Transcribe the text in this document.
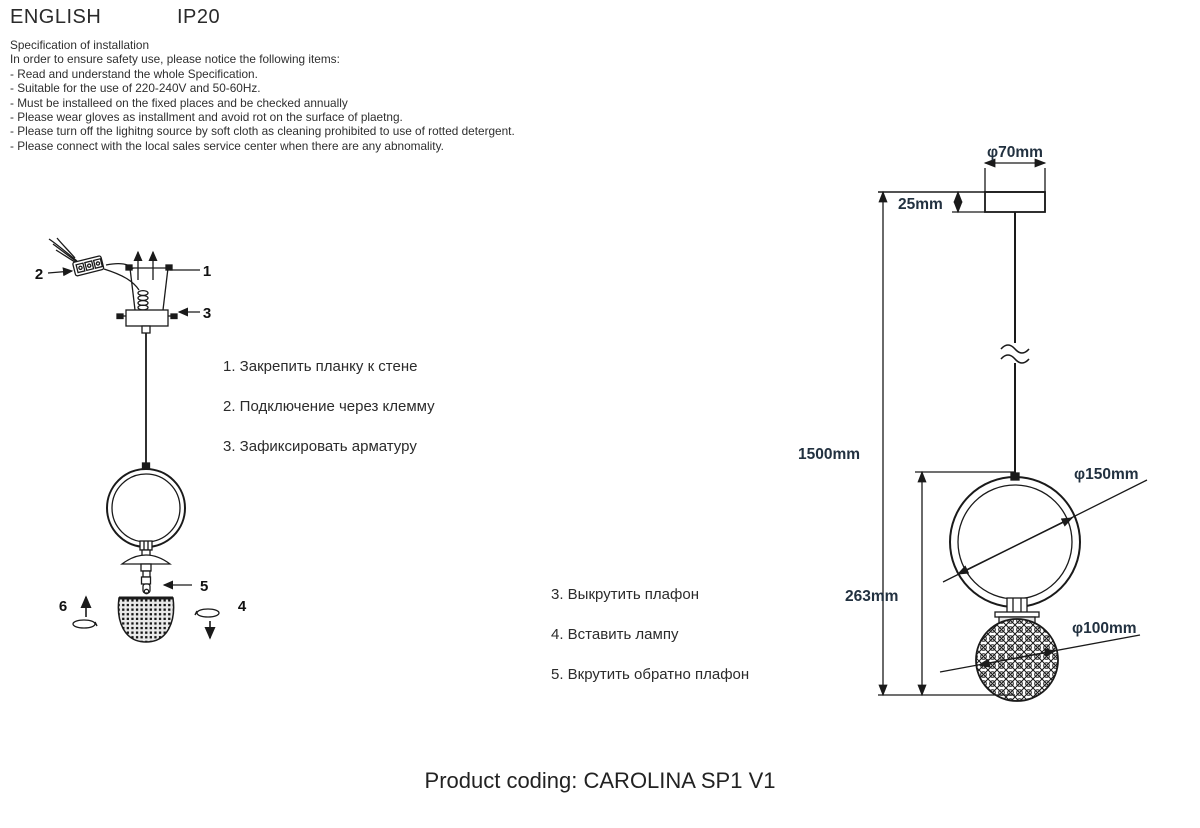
ENGLISH	IP20
Specification of installation
In order to ensure safety use, please notice the following items:
- Read and understand the whole Specification.
- Suitable for the use of 220-240V and 50-60Hz.
- Must be installeed on the fixed places and be checked annually
- Please wear gloves as installment and avoid rot on the surface of plaetng.
- Please turn off the lighitng source by soft cloth as cleaning prohibited to use of rotted detergent.
- Please connect with the local sales service center when there are any abnomality.
2	1
3
5
6	4
1. Закрепить планку к стене
2. Подключение через клемму
3. Зафиксировать арматуру
3. Выкрутить плафон
4. Вставить лампу
5. Вкрутить обратно плафон
φ70mm
25mm
1500mm
φ150mm
263mm
φ100mm
Product coding: CAROLINA SP1 V1
